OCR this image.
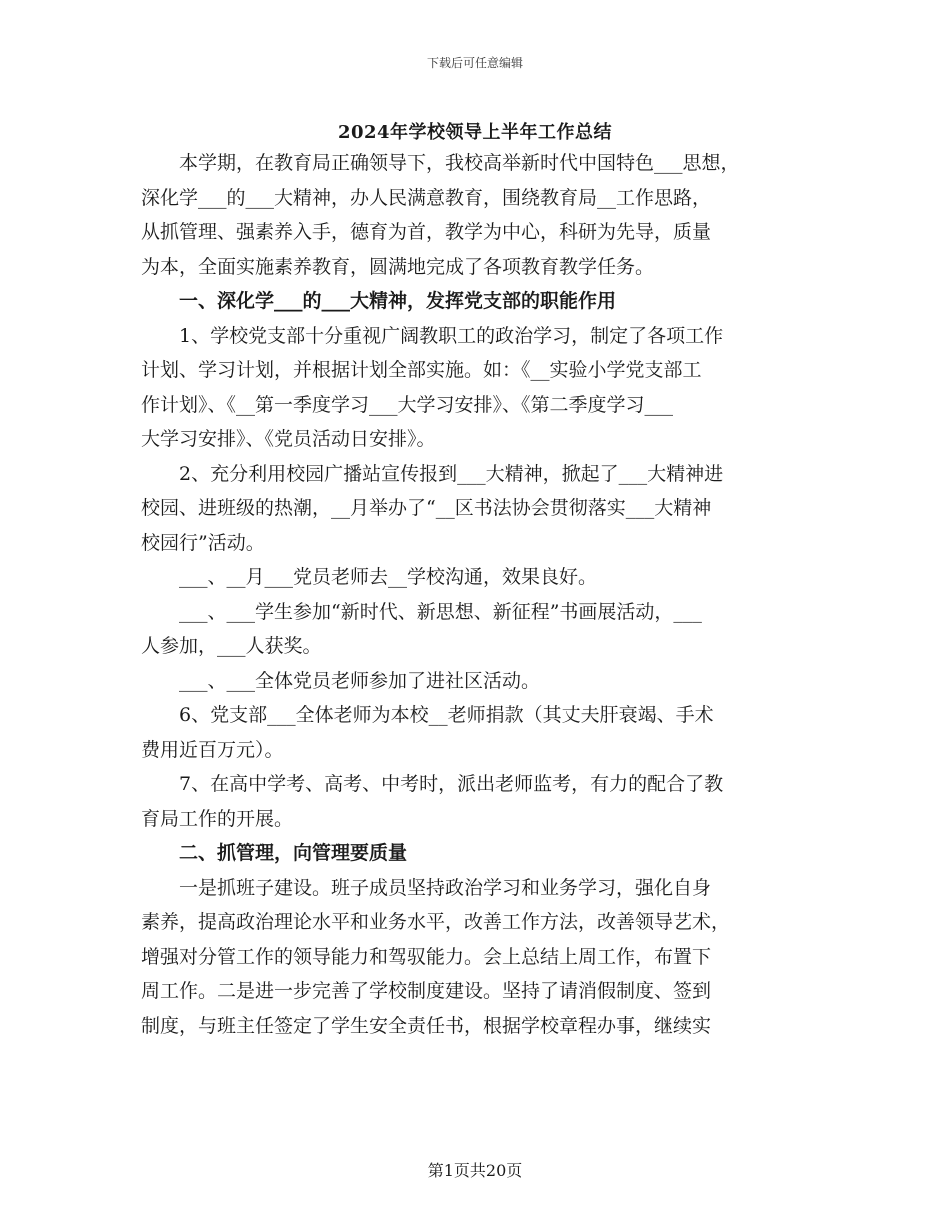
下载后可任意编辑
2024年学校领导上半年工作总结

本学期，在教育局正确领导下，我校高举新时代中国特色___思想，

深化学___的___大精神，办人民满意教育，围绕教育局__工作思路，

从抓管理、强素养入手，德育为首，教学为中心，科研为先导，质量

为本，全面实施素养教育，圆满地完成了各项教育教学任务。

一、深化学___的___大精神，发挥党支部的职能作用

1、学校党支部十分重视广阔教职工的政治学习，制定了各项工作

计划、学习计划，并根据计划全部实施。如：《__实验小学党支部工

作计划》、《__第一季度学习___大学习安排》、《第二季度学习___

大学习安排》、《党员活动日安排》。

2、充分利用校园广播站宣传报到___大精神，掀起了___大精神进

校园、进班级的热潮，__月举办了“__区书法协会贯彻落实___大精神

校园行”活动。

___、__月___党员老师去__学校沟通，效果良好。

___、___学生参加“新时代、新思想、新征程”书画展活动，___

人参加，___人获奖。

___、___全体党员老师参加了进社区活动。

6、党支部___全体老师为本校__老师捐款（其丈夫肝衰竭、手术

费用近百万元）。

7、在高中学考、高考、中考时，派出老师监考，有力的配合了教

育局工作的开展。

二、抓管理，向管理要质量

一是抓班子建设。班子成员坚持政治学习和业务学习，强化自身

素养，提高政治理论水平和业务水平，改善工作方法，改善领导艺术，

增强对分管工作的领导能力和驾驭能力。会上总结上周工作，布置下

周工作。二是进一步完善了学校制度建设。坚持了请消假制度、签到

制度，与班主任签定了学生安全责任书，根据学校章程办事，继续实

第1页共20页
